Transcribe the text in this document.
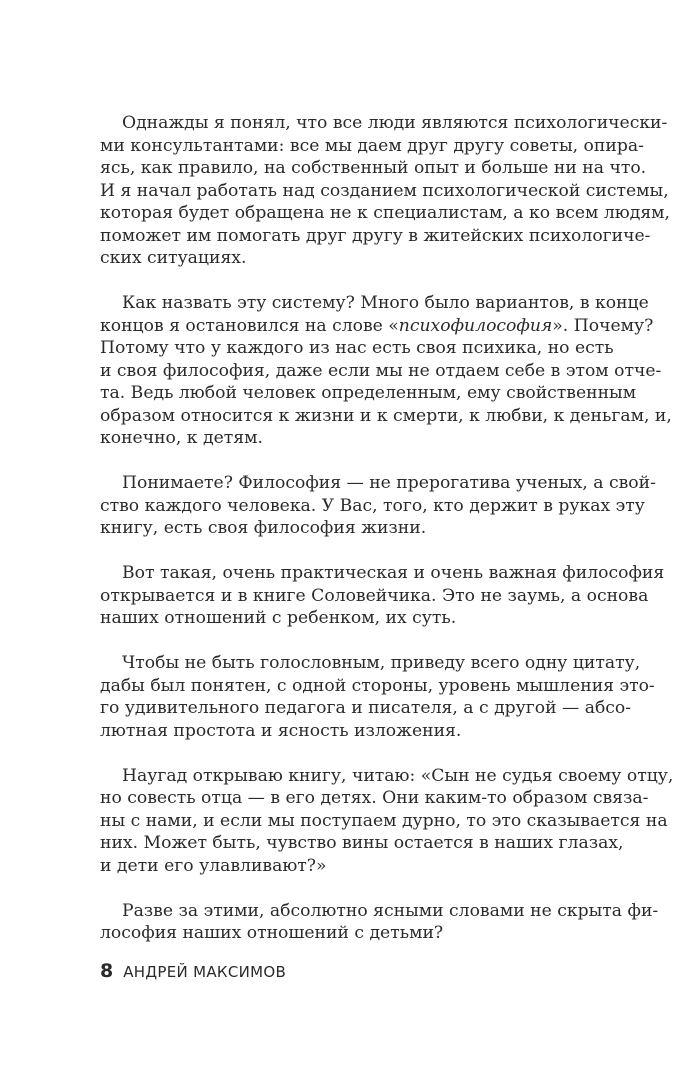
Однажды я понял, что все люди являются психологически-
ми консультантами: все мы даем друг другу советы, опира-
ясь, как правило, на собственный опыт и больше ни на что.
И я начал работать над созданием психологической системы,
которая будет обращена не к специалистам, а ко всем людям,
поможет им помогать друг другу в житейских психологиче-
ских ситуациях.
Как назвать эту систему? Много было вариантов, в конце
концов я остановился на слове «психофилософия». Почему?
Потому что у каждого из нас есть своя психика, но есть
и своя философия, даже если мы не отдаем себе в этом отче-
та. Ведь любой человек определенным, ему свойственным
образом относится к жизни и к смерти, к любви, к деньгам, и,
конечно, к детям.
Понимаете? Философия — не прерогатива ученых, а свой-
ство каждого человека. У Вас, того, кто держит в руках эту
книгу, есть своя философия жизни.
Вот такая, очень практическая и очень важная философия
открывается и в книге Соловейчика. Это не заумь, а основа
наших отношений с ребенком, их суть.
Чтобы не быть голословным, приведу всего одну цитату,
дабы был понятен, с одной стороны, уровень мышления это-
го удивительного педагога и писателя, а с другой — абсо-
лютная простота и ясность изложения.
Наугад открываю книгу, читаю: «Сын не судья своему отцу,
но совесть отца — в его детях. Они каким-то образом связа-
ны с нами, и если мы поступаем дурно, то это сказывается на
них. Может быть, чувство вины остается в наших глазах,
и дети его улавливают?»
Разве за этими, абсолютно ясными словами не скрыта фи-
лософия наших отношений с детьми?
8 АНДРЕЙ МАКСИМОВ
